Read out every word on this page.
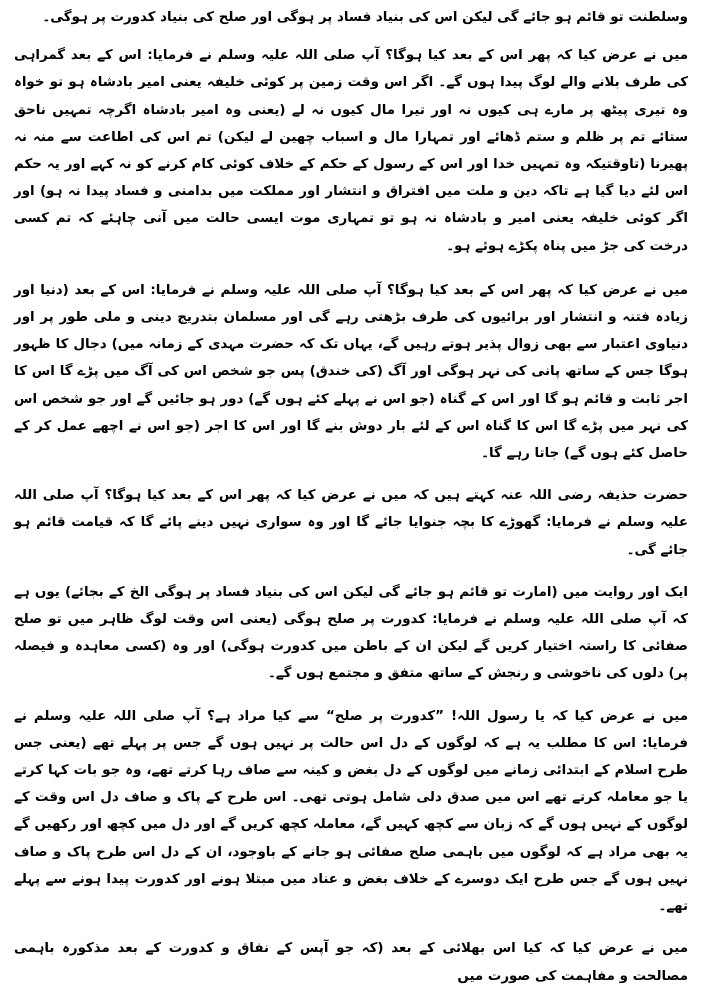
وسلطنت تو قائم ہو جائے گی لیکن اس کی بنیاد فساد پر ہوگی اور صلح کی بنیاد کدورت پر ہوگی۔

میں نے عرض کیا کہ پھر اس کے بعد کیا ہوگا؟ آپ صلی اللہ علیہ وسلم نے فرمایا: اس کے بعد گمراہی کی طرف بلانے والے لوگ پیدا ہوں گے۔ اگر اس وقت زمین پر کوئی خلیفہ یعنی امیر بادشاہ ہو تو خواہ وہ تیری پیٹھ پر مارے ہی کیوں نہ اور تیرا مال کیوں نہ لے (یعنی وہ امیر بادشاہ اگرچہ تمہیں ناحق ستائے تم پر ظلم و ستم ڈھائے اور تمہارا مال و اسباب چھین لے لیکن) تم اس کی اطاعت سے منہ نہ پھیرنا (تاوقتیکہ وہ تمہیں خدا اور اس کے رسول کے حکم کے خلاف کوئی کام کرنے کو نہ کہے اور یہ حکم اس لئے دیا گیا ہے تاکہ دین و ملت میں افتراق و انتشار اور مملکت میں بدامنی و فساد پیدا نہ ہو) اور اگر کوئی خلیفہ یعنی امیر و بادشاہ نہ ہو تو تمہاری موت ایسی حالت میں آنی چاہئے کہ تم کسی درخت کی جڑ میں پناہ پکڑے ہوئے ہو۔

میں نے عرض کیا کہ پھر اس کے بعد کیا ہوگا؟ آپ صلی اللہ علیہ وسلم نے فرمایا: اس کے بعد (دنیا اور زیادہ فتنہ و انتشار اور برائیوں کی طرف بڑھتی رہے گی اور مسلمان بتدریج دینی و ملی طور پر اور دنیاوی اعتبار سے بھی زوال پذیر ہوتے رہیں گے، یہاں تک کہ حضرت مہدی کے زمانہ میں) دجال کا ظہور ہوگا جس کے ساتھ پانی کی نہر ہوگی اور آگ (کی خندق) پس جو شخص اس کی آگ میں پڑے گا اس کا اجر ثابت و قائم ہو گا اور اس کے گناہ (جو اس نے پہلے کئے ہوں گے) دور ہو جائیں گے اور جو شخص اس کی نہر میں پڑے گا اس کا گناہ اس کے لئے بار دوش بنے گا اور اس کا اجر (جو اس نے اچھے عمل کر کے حاصل کئے ہوں گے) جاتا رہے گا۔

حضرت حذیفہ رضی اللہ عنہ کہتے ہیں کہ میں نے عرض کیا کہ پھر اس کے بعد کیا ہوگا؟ آپ صلی اللہ علیہ وسلم نے فرمایا: گھوڑے کا بچہ جنوایا جائے گا اور وہ سواری نہیں دینے پائے گا کہ قیامت قائم ہو جائے گی۔

ایک اور روایت میں (امارت تو قائم ہو جائے گی لیکن اس کی بنیاد فساد پر ہوگی الخ کے بجائے) یوں ہے کہ آپ صلی اللہ علیہ وسلم نے فرمایا: کدورت پر صلح ہوگی (یعنی اس وقت لوگ ظاہر میں تو صلح صفائی کا راستہ اختیار کریں گے لیکن ان کے باطن میں کدورت ہوگی) اور وہ (کسی معاہدہ و فیصلہ پر) دلوں کی ناخوشی و رنجش کے ساتھ متفق و مجتمع ہوں گے۔

میں نے عرض کیا کہ یا رسول اللہ! ”کدورت پر صلح“ سے کیا مراد ہے؟ آپ صلی اللہ علیہ وسلم نے فرمایا: اس کا مطلب یہ ہے کہ لوگوں کے دل اس حالت پر نہیں ہوں گے جس پر پہلے تھے (یعنی جس طرح اسلام کے ابتدائی زمانے میں لوگوں کے دل بغض و کینہ سے صاف رہا کرتے تھے، وہ جو بات کہا کرتے یا جو معاملہ کرتے تھے اس میں صدق دلی شامل ہوتی تھی۔ اس طرح کے پاک و صاف دل اس وقت کے لوگوں کے نہیں ہوں گے کہ زبان سے کچھ کہیں گے، معاملہ کچھ کریں گے اور دل میں کچھ اور رکھیں گے یہ بھی مراد ہے کہ لوگوں میں باہمی صلح صفائی ہو جانے کے باوجود، ان کے دل اس طرح پاک و صاف نہیں ہوں گے جس طرح ایک دوسرے کے خلاف بغض و عناد میں مبتلا ہونے اور کدورت پیدا ہونے سے پہلے تھے۔

میں نے عرض کیا کہ کیا اس بھلائی کے بعد (کہ جو آپس کے نفاق و کدورت کے بعد مذکورہ باہمی مصالحت و مفاہمت کی صورت میں
